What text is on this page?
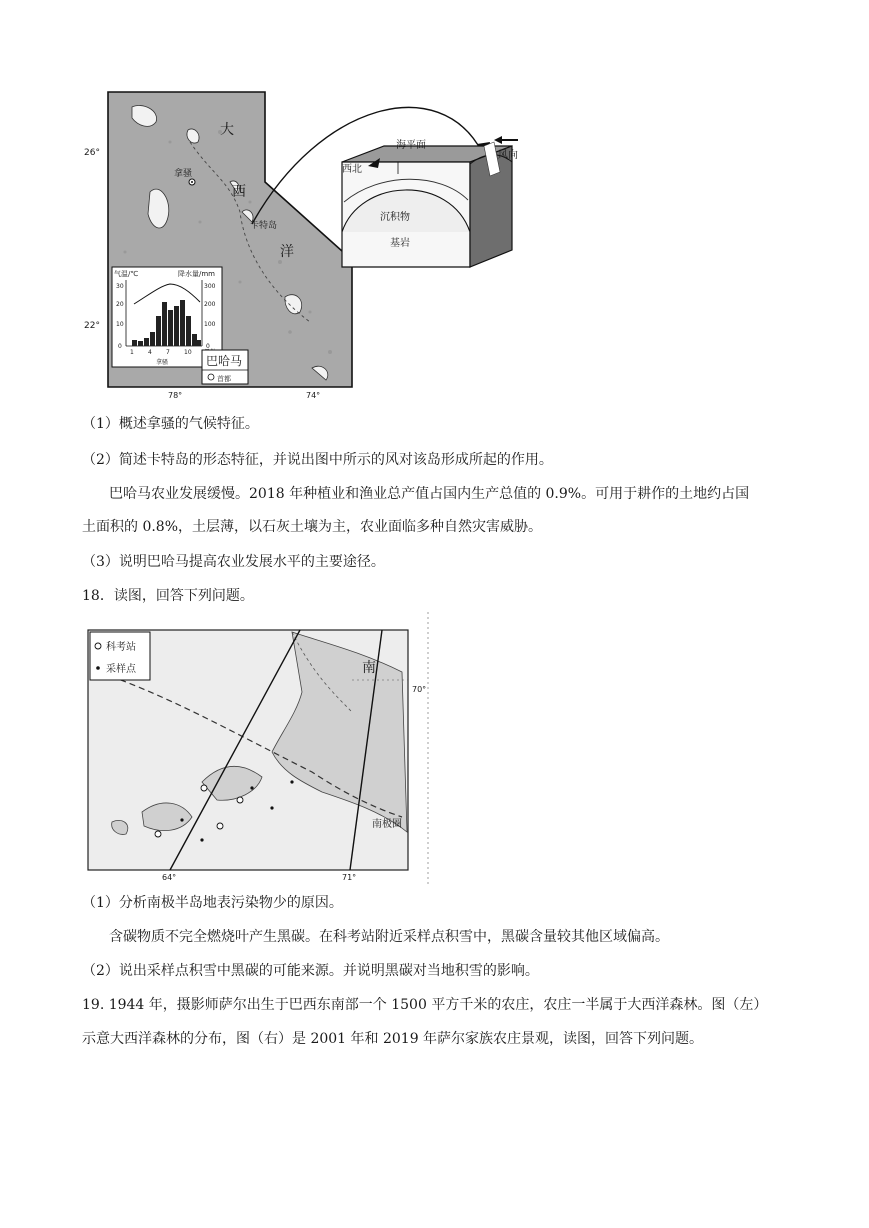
26°
22°
78°	74°
大
西
洋
拿骚
卡特岛
气温/℃	降水量/mm
30
20
10
0
300
200
100
0
1 4 7 10
拿骚	巴哈马
首都
海平面
西北
风向
沉积物
基岩
（1）概述拿骚的气候特征。
（2）简述卡特岛的形态特征，并说出图中所示的风对该岛形成所起的作用。
巴哈马农业发展缓慢。2018 年种植业和渔业总产值占国内生产总值的 0.9%。可用于耕作的土地约占国
土面积的 0.8%，土层薄，以石灰土壤为主，农业面临多种自然灾害威胁。
（3）说明巴哈马提高农业发展水平的主要途径。
18．读图，回答下列问题。
科考站
采样点
70°
64°	71°
南
南极圈
（1）分析南极半岛地表污染物少的原因。
含碳物质不完全燃烧叶产生黑碳。在科考站附近采样点积雪中，黑碳含量较其他区域偏高。
（2）说出采样点积雪中黑碳的可能来源。并说明黑碳对当地积雪的影响。
19. 1944 年，摄影师萨尔出生于巴西东南部一个 1500 平方千米的农庄，农庄一半属于大西洋森林。图（左）
示意大西洋森林的分布，图（右）是 2001 年和 2019 年萨尔家族农庄景观，读图，回答下列问题。
